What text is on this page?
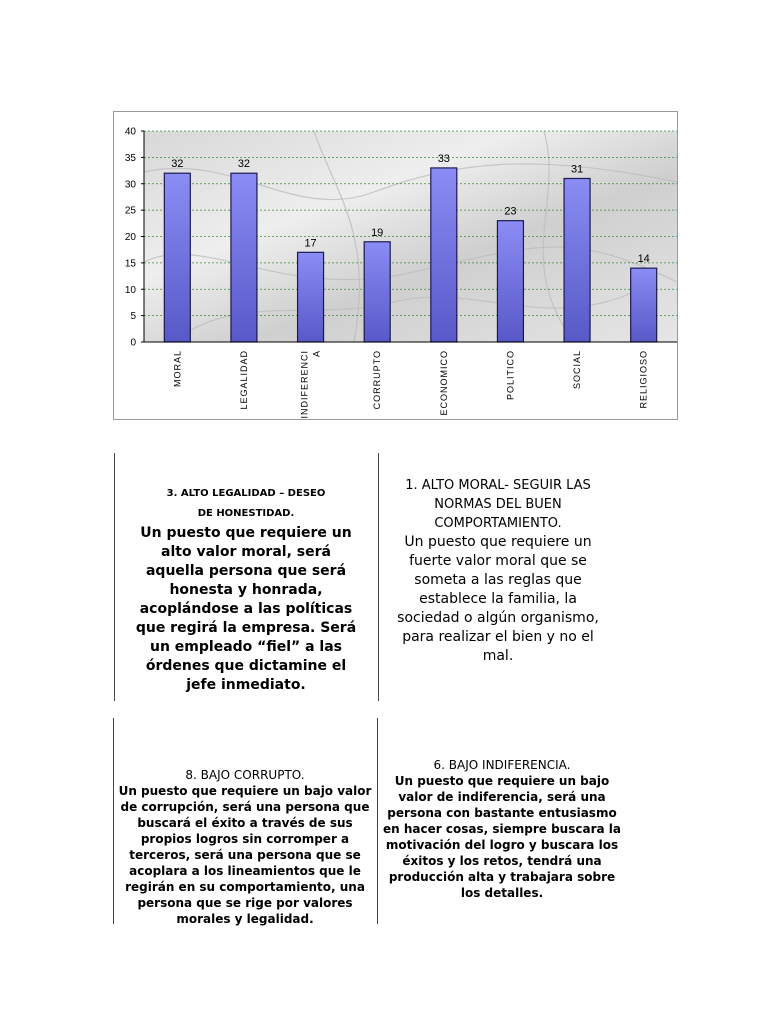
32	32
17
19
33
23
31
14
0
5
10
15
20
25
30
35
40
MORAL	LEGALIDAD	INDIFERENCI A	CORRUPTO	ECONOMICO	POLITICO	SOCIAL	RELIGIOSO
3. ALTO LEGALIDAD – DESEO DE HONESTIDAD.
Un puesto que requiere un alto valor moral, será aquella persona que será honesta y honrada, acoplándose a las políticas que regirá la empresa. Será un empleado “fiel” a las órdenes que dictamine el jefe inmediato.
1. ALTO MORAL- SEGUIR LAS NORMAS DEL BUEN COMPORTAMIENTO.
Un puesto que requiere un fuerte valor moral que se someta a las reglas que establece la familia, la sociedad o algún organismo, para realizar el bien y no el mal.
8. BAJO CORRUPTO.
Un puesto que requiere un bajo valor de corrupción, será una persona que buscará el éxito a través de sus propios logros sin corromper a terceros, será una persona que se acoplara a los lineamientos que le regirán en su comportamiento, una persona que se rige por valores morales y legalidad.
6. BAJO INDIFERENCIA.
Un puesto que requiere un bajo valor de indiferencia, será una persona con bastante entusiasmo en hacer cosas, siempre buscara la motivación del logro y buscara los éxitos y los retos, tendrá una producción alta y trabajara sobre los detalles.
